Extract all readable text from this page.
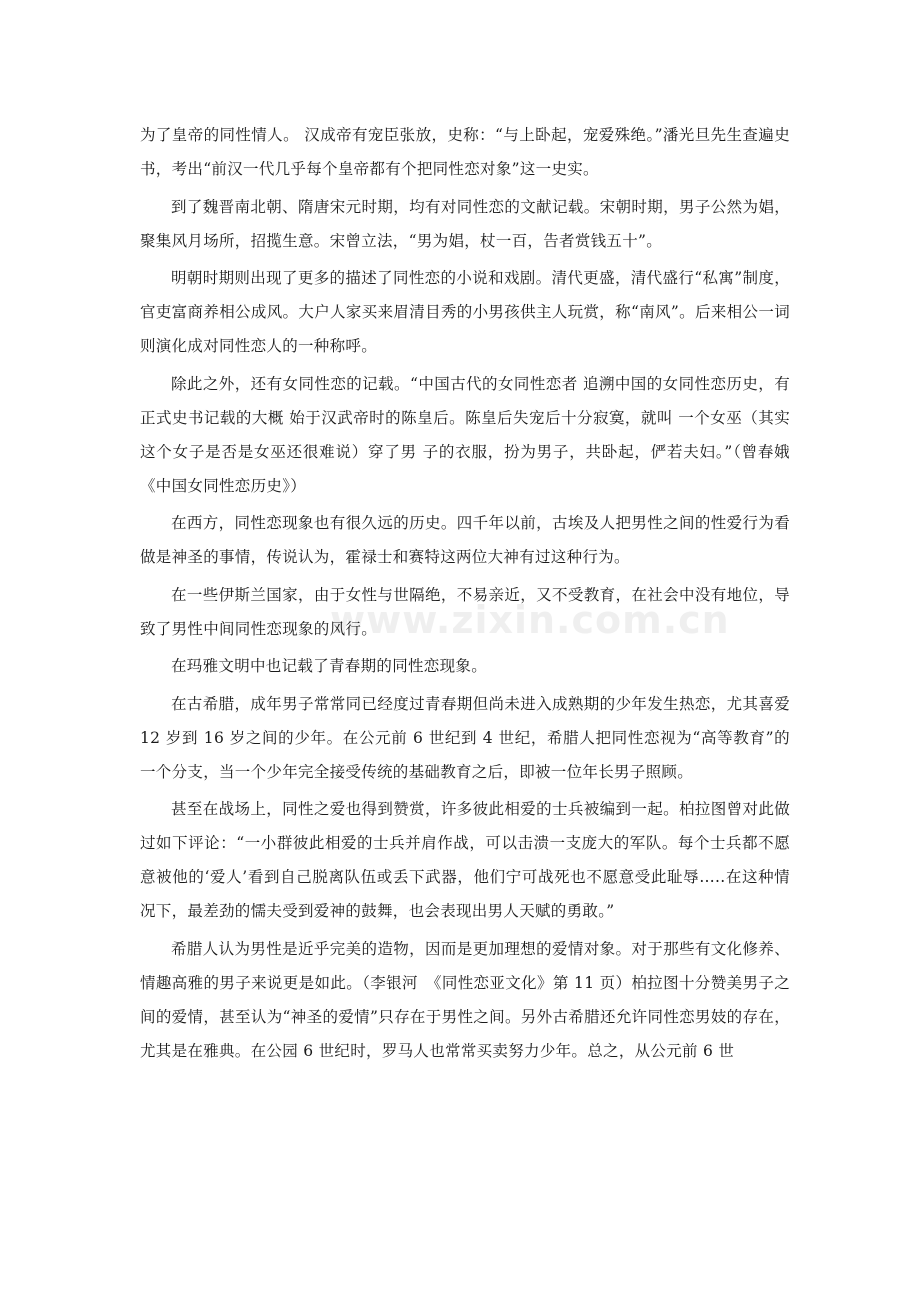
为了皇帝的同性情人。 汉成帝有宠臣张放，史称：“与上卧起，宠爱殊绝。”潘光旦先生查遍史书，考出“前汉一代几乎每个皇帝都有个把同性恋对象”这一史实。

到了魏晋南北朝、隋唐宋元时期，均有对同性恋的文献记载。宋朝时期，男子公然为娼，聚集风月场所，招揽生意。宋曾立法，“男为娼，杖一百，告者赏钱五十”。

明朝时期则出现了更多的描述了同性恋的小说和戏剧。清代更盛，清代盛行“私寓”制度，官吏富商养相公成风。大户人家买来眉清目秀的小男孩供主人玩赏，称“南风”。后来相公一词则演化成对同性恋人的一种称呼。

除此之外，还有女同性恋的记载。“中国古代的女同性恋者 追溯中国的女同性恋历史，有正式史书记载的大概 始于汉武帝时的陈皇后。陈皇后失宠后十分寂寞，就叫 一个女巫（其实这个女子是否是女巫还很难说）穿了男 子的衣服，扮为男子，共卧起，俨若夫妇。”（曾春娥《中国女同性恋历史》）

在西方，同性恋现象也有很久远的历史。四千年以前，古埃及人把男性之间的性爱行为看做是神圣的事情，传说认为，霍禄士和赛特这两位大神有过这种行为。

在一些伊斯兰国家，由于女性与世隔绝，不易亲近，又不受教育，在社会中没有地位，导致了男性中间同性恋现象的风行。

在玛雅文明中也记载了青春期的同性恋现象。

在古希腊，成年男子常常同已经度过青春期但尚未进入成熟期的少年发生热恋，尤其喜爱 12 岁到 16 岁之间的少年。在公元前 6 世纪到 4 世纪，希腊人把同性恋视为“高等教育”的一个分支，当一个少年完全接受传统的基础教育之后，即被一位年长男子照顾。

甚至在战场上，同性之爱也得到赞赏，许多彼此相爱的士兵被编到一起。柏拉图曾对此做过如下评论：“一小群彼此相爱的士兵并肩作战，可以击溃一支庞大的军队。每个士兵都不愿意被他的‘爱人’看到自己脱离队伍或丢下武器，他们宁可战死也不愿意受此耻辱…..在这种情况下，最差劲的懦夫受到爱神的鼓舞，也会表现出男人天赋的勇敢。”

希腊人认为男性是近乎完美的造物，因而是更加理想的爱情对象。对于那些有文化修养、情趣高雅的男子来说更是如此。（李银河　《同性恋亚文化》第 11 页）柏拉图十分赞美男子之间的爱情，甚至认为“神圣的爱情”只存在于男性之间。另外古希腊还允许同性恋男妓的存在，尤其是在雅典。在公园 6 世纪时，罗马人也常常买卖努力少年。总之，从公元前 6 世

www.zixin.com.cn
